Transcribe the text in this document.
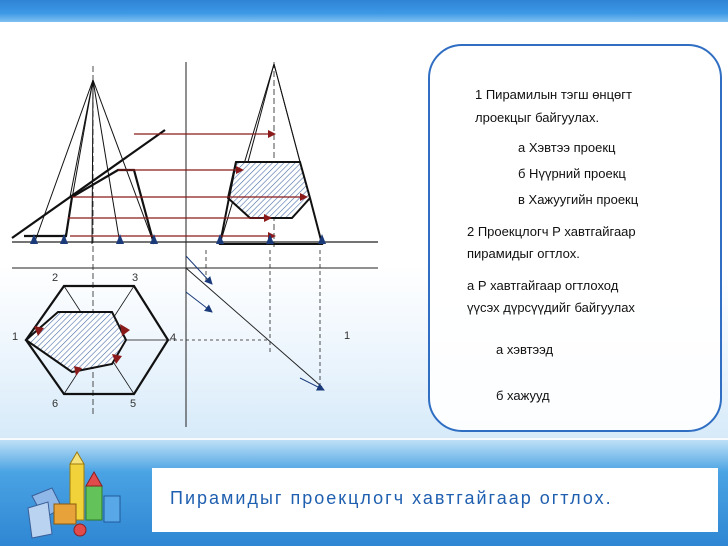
1
2	3
4
5
6
1
1 Пирамилын тэгш өнцөгт
лроекцыг байгуулах.
а Хэвтээ проекц
б Нүүрний проекц
в Хажуугийн проекц
2 Проекцлогч Р хавтгайгаар
пирамидыг огтлох.
а Р хавтгайгаар огтлоход
үүсэх дүрсүүдийг байгуулах
а хэвтээд
б хажууд
Пирамидыг проекцлогч хавтгайгаар огтлох.
